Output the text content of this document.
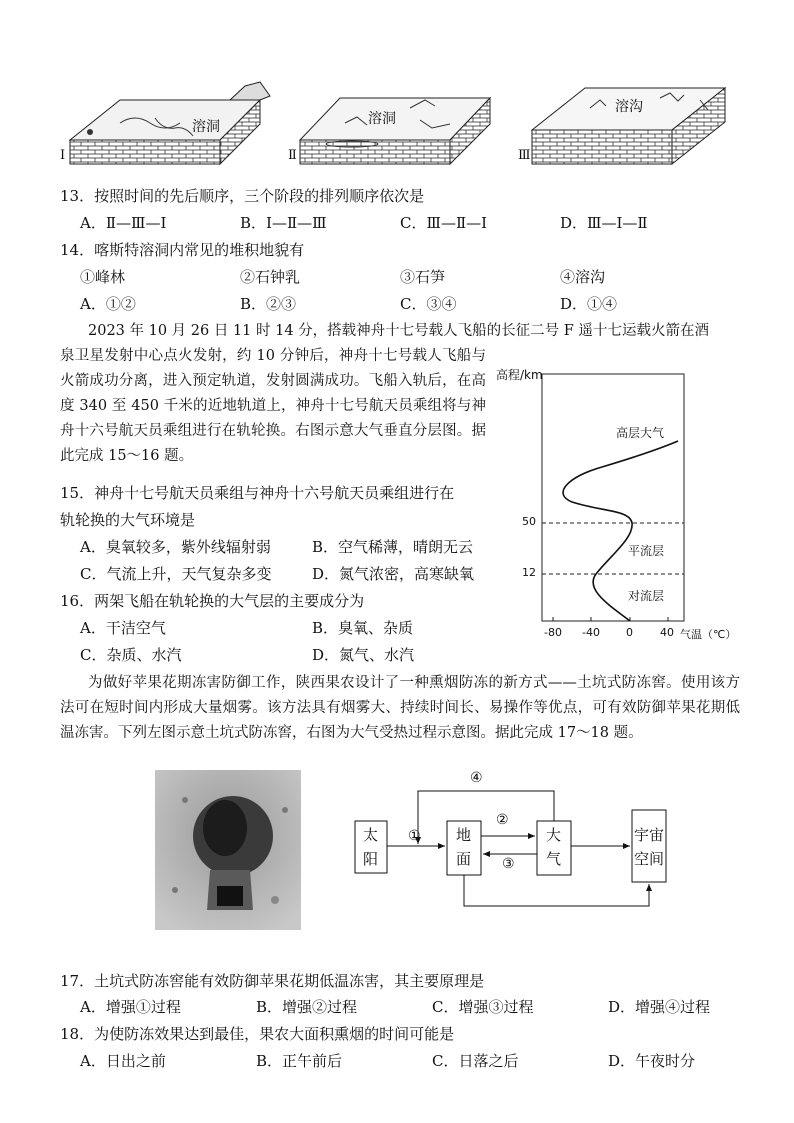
Ⅰ
溶洞
Ⅱ
溶洞
Ⅲ
溶沟
13．按照时间的先后顺序，三个阶段的排列顺序依次是
A．Ⅱ—Ⅲ—Ⅰ	B．Ⅰ—Ⅱ—Ⅲ	C．Ⅲ—Ⅱ—Ⅰ	D．Ⅲ—Ⅰ—Ⅱ
14．喀斯特溶洞内常见的堆积地貌有
①峰林	②石钟乳	③石笋	④溶沟
A．①②	B．②③	C．③④	D．①④
2023 年 10 月 26 日 11 时 14 分，搭载神舟十七号载人飞船的长征二号 F 遥十七运载火箭在酒
泉卫星发射中心点火发射，约 10 分钟后，神舟十七号载人飞船与火箭成功分离，进入预定轨道，发射圆满成功。飞船入轨后，在高度 340 至 450 千米的近地轨道上，神舟十七号航天员乘组将与神舟十六号航天员乘组进行在轨轮换。右图示意大气垂直分层图。据此完成 15～16 题。
高程/km
高层大气
平流层
对流层
50
12
-80 -40 0 40 气温（℃）
15．神舟十七号航天员乘组与神舟十六号航天员乘组进行在
轨轮换的大气环境是
A．臭氧较多，紫外线辐射弱	B．空气稀薄，晴朗无云
C．气流上升，天气复杂多变	D．氮气浓密，高寒缺氧
16．两架飞船在轨轮换的大气层的主要成分为
A．干洁空气	B．臭氧、杂质
C．杂质、水汽	D．氮气、水汽
为做好苹果花期冻害防御工作，陕西果农设计了一种熏烟防冻的新方式——土坑式防冻窖。使用该方法可在短时间内形成大量烟雾。该方法具有烟雾大、持续时间长、易操作等优点，可有效防御苹果花期低温冻害。下列左图示意土坑式防冻窖，右图为大气受热过程示意图。据此完成 17～18 题。
太
阳
地
面
大
气
宇宙
空间
①
②
③
④
17．土坑式防冻窖能有效防御苹果花期低温冻害，其主要原理是
A．增强①过程	B．增强②过程	C．增强③过程	D．增强④过程
18．为使防冻效果达到最佳，果农大面积熏烟的时间可能是
A．日出之前	B．正午前后	C．日落之后	D．午夜时分
